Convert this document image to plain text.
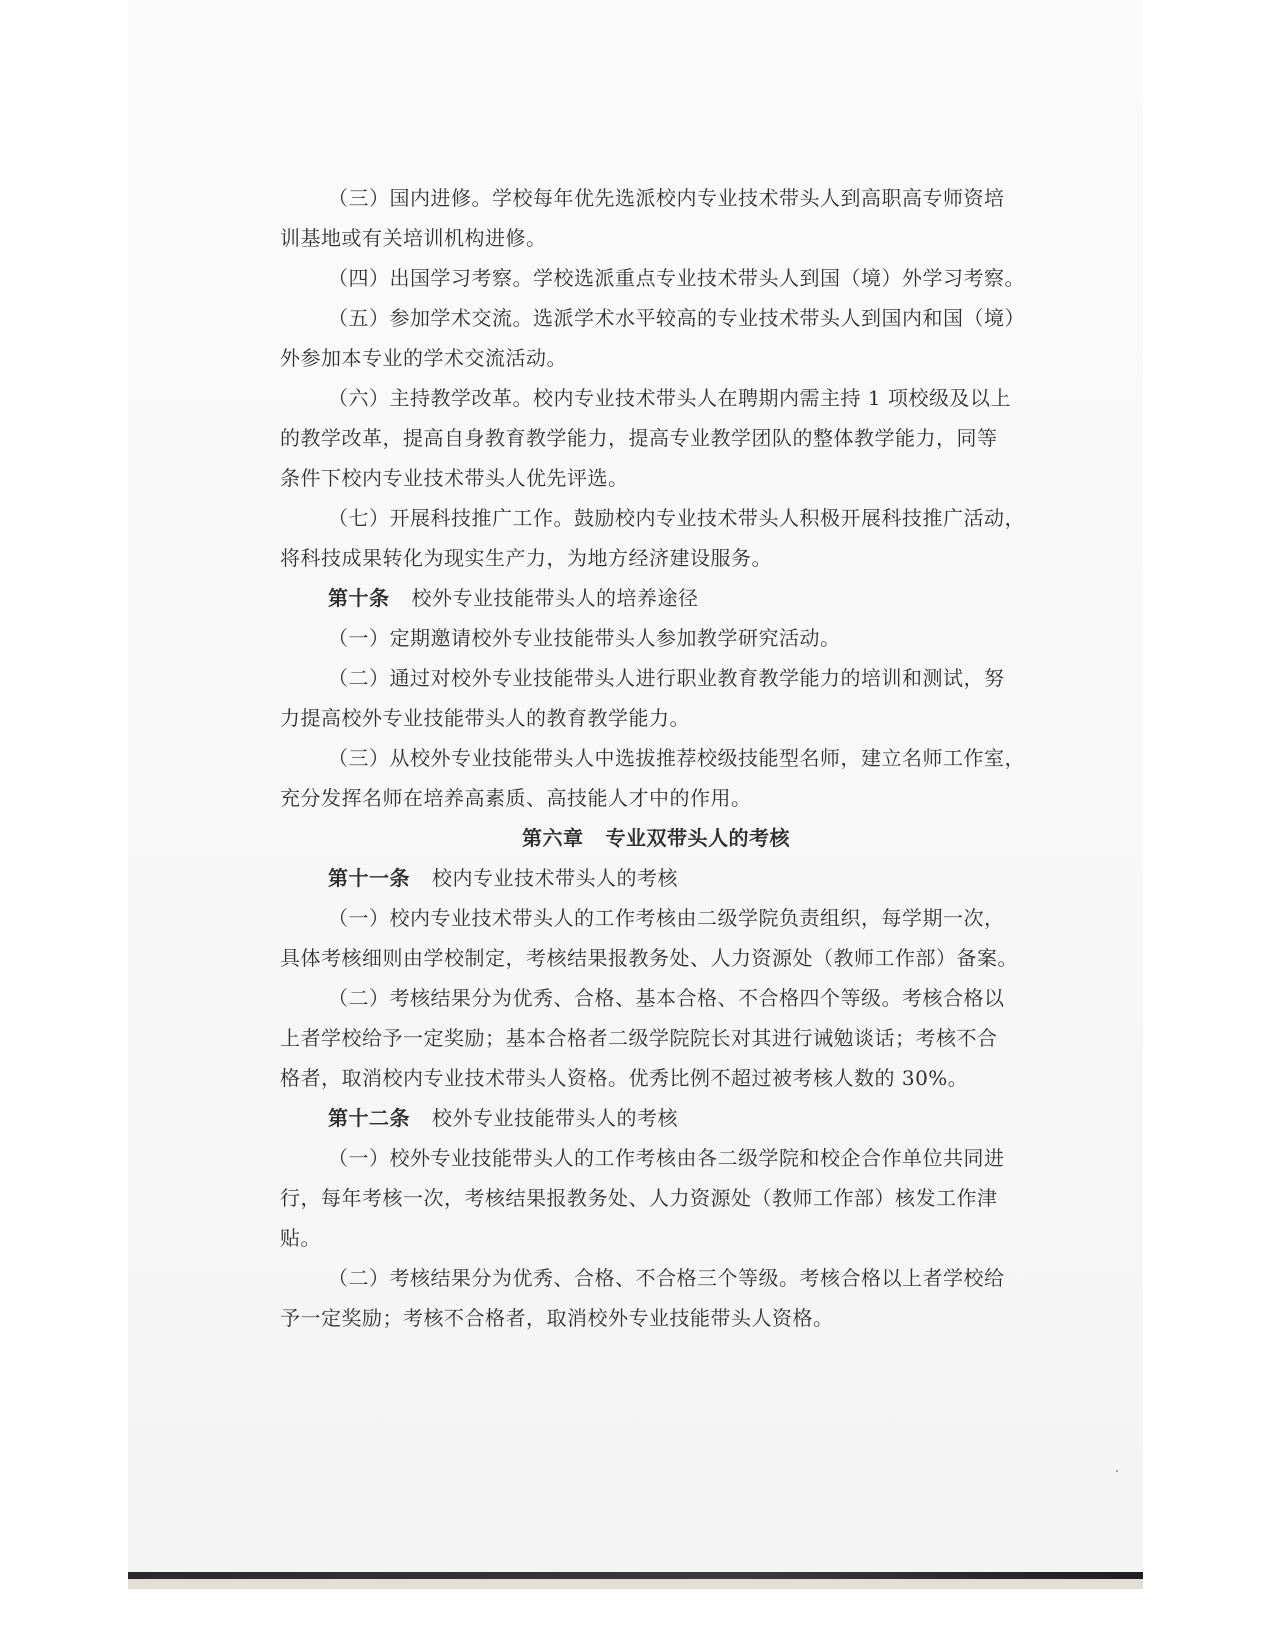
（三）国内进修。学校每年优先选派校内专业技术带头人到高职高专师资培
训基地或有关培训机构进修。
（四）出国学习考察。学校选派重点专业技术带头人到国（境）外学习考察。
（五）参加学术交流。选派学术水平较高的专业技术带头人到国内和国（境）
外参加本专业的学术交流活动。
（六）主持教学改革。校内专业技术带头人在聘期内需主持 1 项校级及以上
的教学改革，提高自身教育教学能力，提高专业教学团队的整体教学能力，同等
条件下校内专业技术带头人优先评选。
（七）开展科技推广工作。鼓励校内专业技术带头人积极开展科技推广活动，
将科技成果转化为现实生产力，为地方经济建设服务。
第十条 校外专业技能带头人的培养途径
（一）定期邀请校外专业技能带头人参加教学研究活动。
（二）通过对校外专业技能带头人进行职业教育教学能力的培训和测试，努
力提高校外专业技能带头人的教育教学能力。
（三）从校外专业技能带头人中选拔推荐校级技能型名师，建立名师工作室，
充分发挥名师在培养高素质、高技能人才中的作用。
第六章 专业双带头人的考核
第十一条 校内专业技术带头人的考核
（一）校内专业技术带头人的工作考核由二级学院负责组织，每学期一次，
具体考核细则由学校制定，考核结果报教务处、人力资源处（教师工作部）备案。
（二）考核结果分为优秀、合格、基本合格、不合格四个等级。考核合格以
上者学校给予一定奖励；基本合格者二级学院院长对其进行诫勉谈话；考核不合
格者，取消校内专业技术带头人资格。优秀比例不超过被考核人数的 30%。
第十二条 校外专业技能带头人的考核
（一）校外专业技能带头人的工作考核由各二级学院和校企合作单位共同进
行，每年考核一次，考核结果报教务处、人力资源处（教师工作部）核发工作津
贴。
（二）考核结果分为优秀、合格、不合格三个等级。考核合格以上者学校给
予一定奖励；考核不合格者，取消校外专业技能带头人资格。
